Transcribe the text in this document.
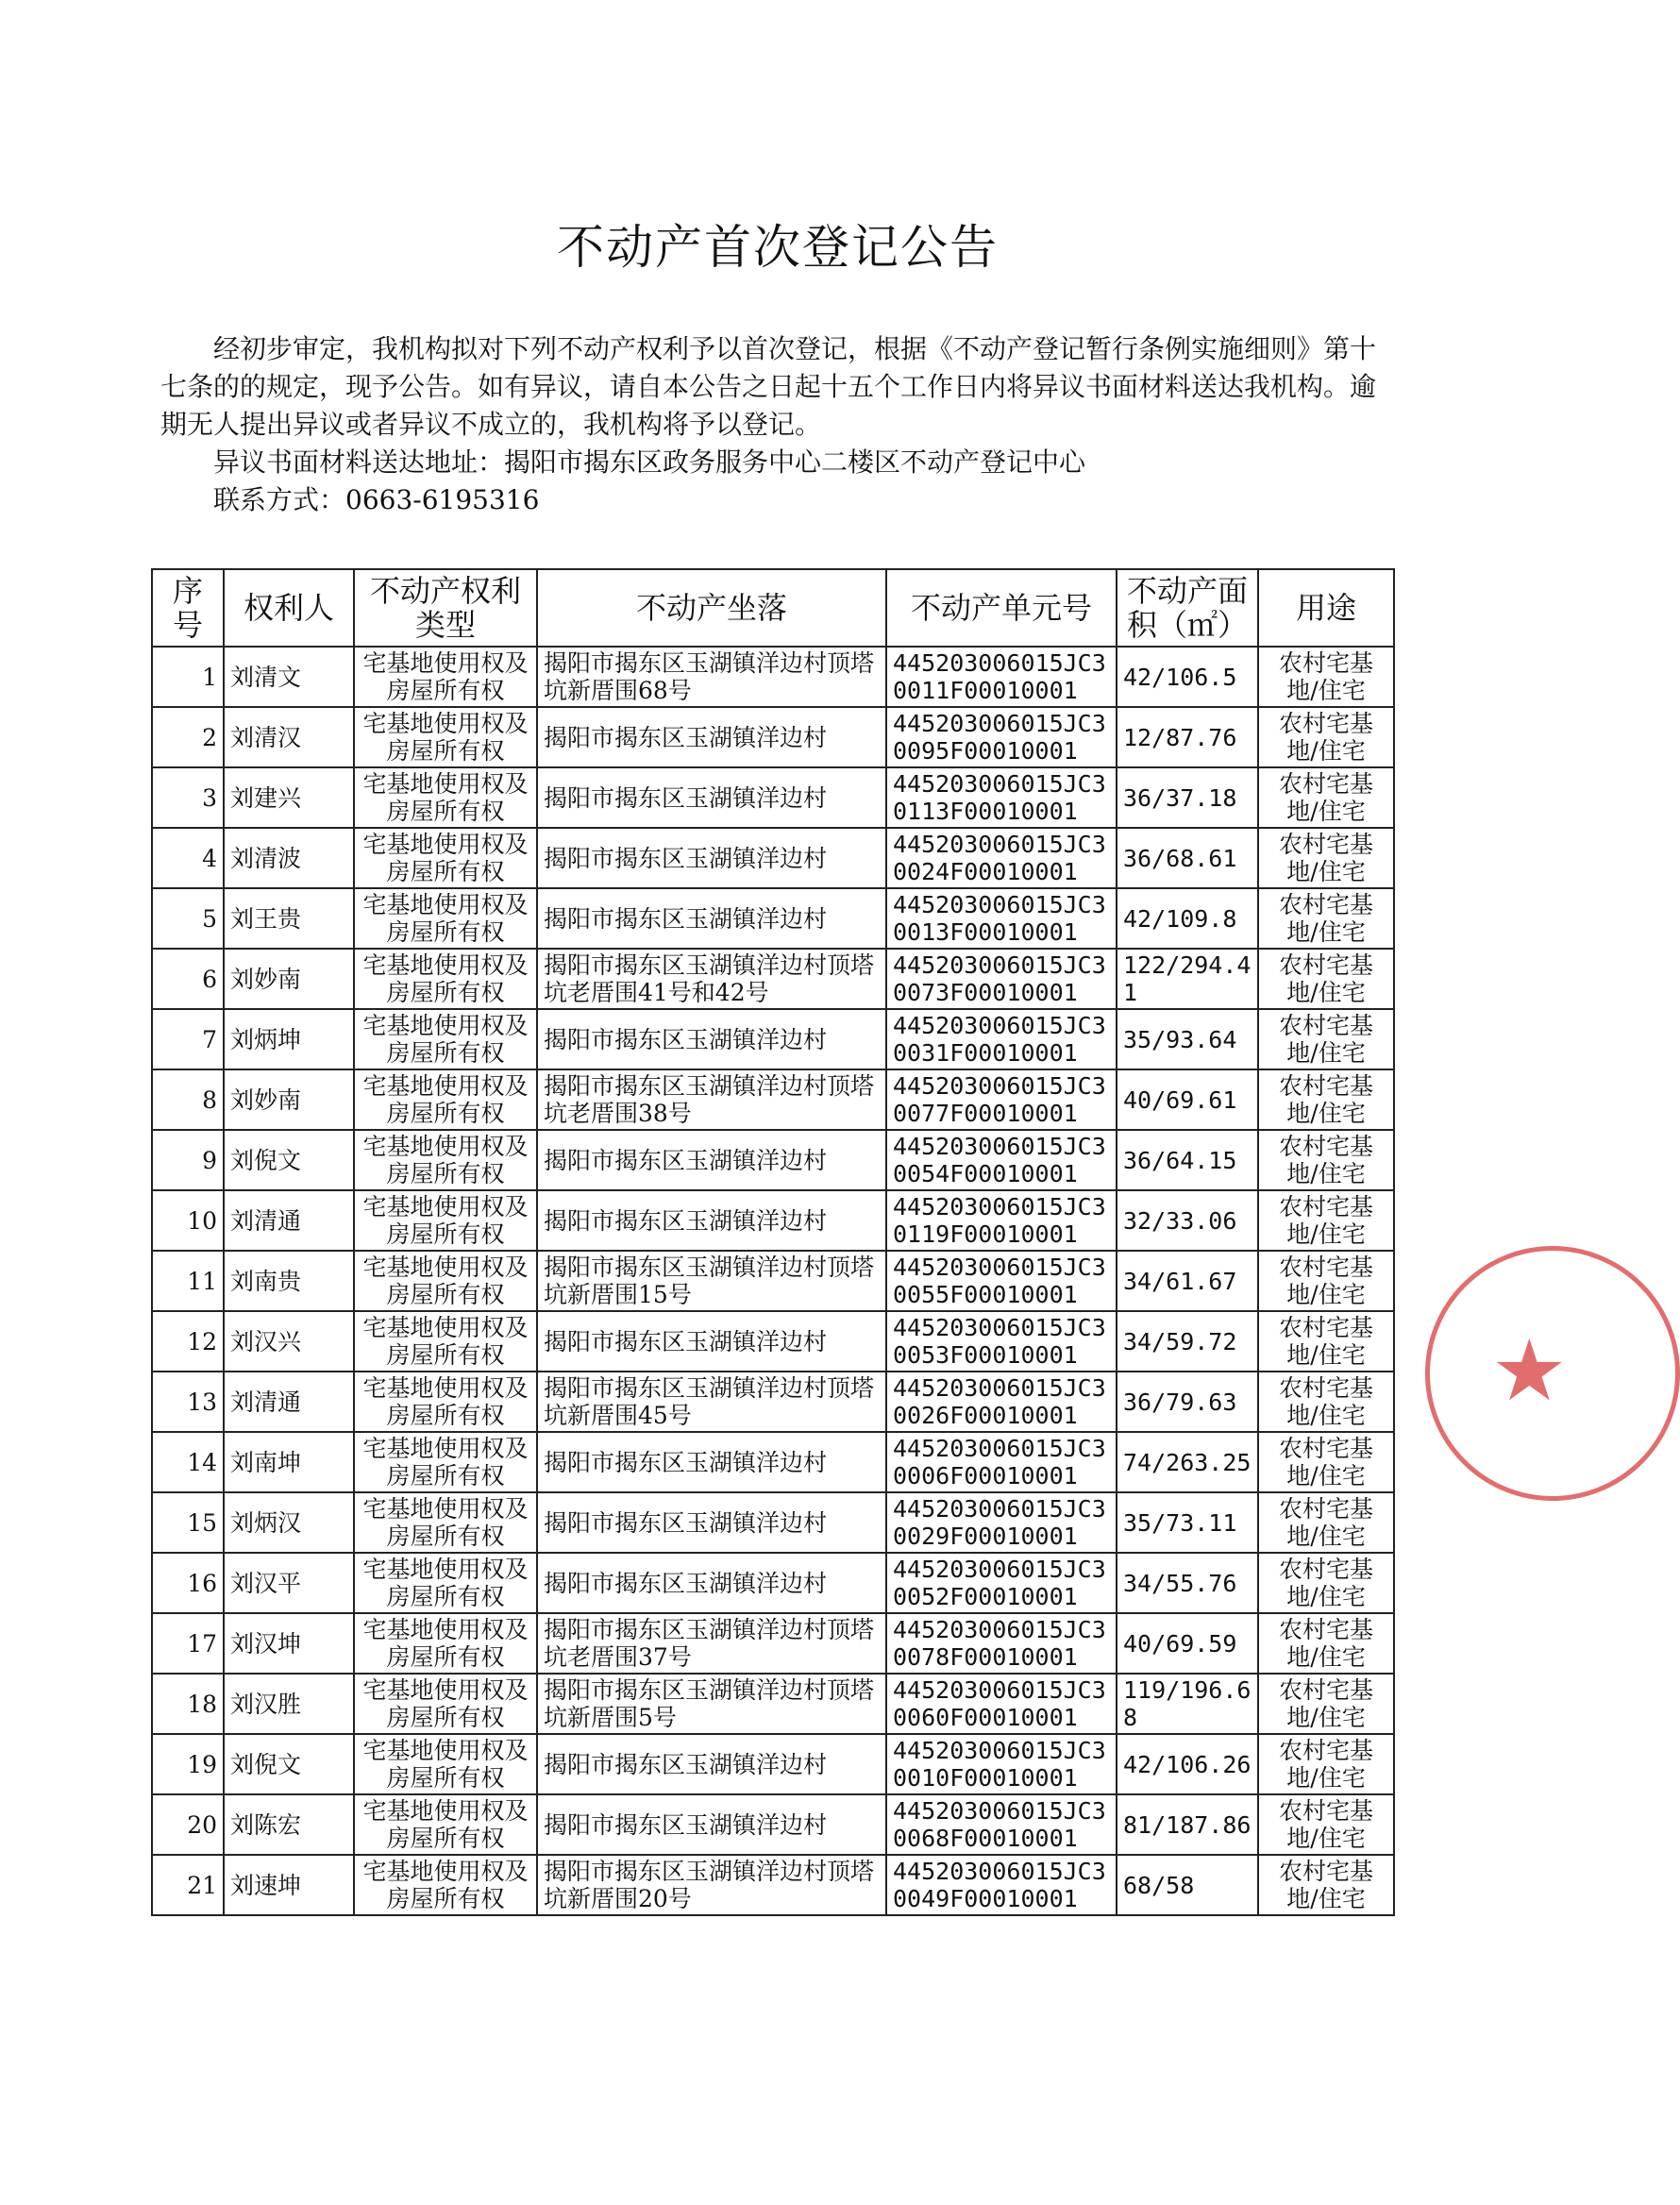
不动产首次登记公告

经初步审定，我机构拟对下列不动产权利予以首次登记，根据《不动产登记暂行条例实施细则》第十七条的的规定，现予公告。如有异议，请自本公告之日起十五个工作日内将异议书面材料送达我机构。逾期无人提出异议或者异议不成立的，我机构将予以登记。

异议书面材料送达地址：揭阳市揭东区政务服务中心二楼区不动产登记中心

联系方式：0663-6195316

序号	权利人	不动产权利类型	不动产坐落	不动产单元号	不动产面积（㎡）	用途
1	刘清文	宅基地使用权及房屋所有权	揭阳市揭东区玉湖镇洋边村顶塔坑新厝围68号	445203006015JC30011F00010001	42/106.5	农村宅基地/住宅
2	刘清汉	宅基地使用权及房屋所有权	揭阳市揭东区玉湖镇洋边村	445203006015JC30095F00010001	12/87.76	农村宅基地/住宅
3	刘建兴	宅基地使用权及房屋所有权	揭阳市揭东区玉湖镇洋边村	445203006015JC30113F00010001	36/37.18	农村宅基地/住宅
4	刘清波	宅基地使用权及房屋所有权	揭阳市揭东区玉湖镇洋边村	445203006015JC30024F00010001	36/68.61	农村宅基地/住宅
5	刘王贵	宅基地使用权及房屋所有权	揭阳市揭东区玉湖镇洋边村	445203006015JC30013F00010001	42/109.8	农村宅基地/住宅
6	刘妙南	宅基地使用权及房屋所有权	揭阳市揭东区玉湖镇洋边村顶塔坑老厝围41号和42号	445203006015JC30073F00010001	122/294.41	农村宅基地/住宅
7	刘炳坤	宅基地使用权及房屋所有权	揭阳市揭东区玉湖镇洋边村	445203006015JC30031F00010001	35/93.64	农村宅基地/住宅
8	刘妙南	宅基地使用权及房屋所有权	揭阳市揭东区玉湖镇洋边村顶塔坑老厝围38号	445203006015JC30077F00010001	40/69.61	农村宅基地/住宅
9	刘倪文	宅基地使用权及房屋所有权	揭阳市揭东区玉湖镇洋边村	445203006015JC30054F00010001	36/64.15	农村宅基地/住宅
10	刘清通	宅基地使用权及房屋所有权	揭阳市揭东区玉湖镇洋边村	445203006015JC30119F00010001	32/33.06	农村宅基地/住宅
11	刘南贵	宅基地使用权及房屋所有权	揭阳市揭东区玉湖镇洋边村顶塔坑新厝围15号	445203006015JC30055F00010001	34/61.67	农村宅基地/住宅
12	刘汉兴	宅基地使用权及房屋所有权	揭阳市揭东区玉湖镇洋边村	445203006015JC30053F00010001	34/59.72	农村宅基地/住宅
13	刘清通	宅基地使用权及房屋所有权	揭阳市揭东区玉湖镇洋边村顶塔坑新厝围45号	445203006015JC30026F00010001	36/79.63	农村宅基地/住宅
14	刘南坤	宅基地使用权及房屋所有权	揭阳市揭东区玉湖镇洋边村	445203006015JC30006F00010001	74/263.25	农村宅基地/住宅
15	刘炳汉	宅基地使用权及房屋所有权	揭阳市揭东区玉湖镇洋边村	445203006015JC30029F00010001	35/73.11	农村宅基地/住宅
16	刘汉平	宅基地使用权及房屋所有权	揭阳市揭东区玉湖镇洋边村	445203006015JC30052F00010001	34/55.76	农村宅基地/住宅
17	刘汉坤	宅基地使用权及房屋所有权	揭阳市揭东区玉湖镇洋边村顶塔坑老厝围37号	445203006015JC30078F00010001	40/69.59	农村宅基地/住宅
18	刘汉胜	宅基地使用权及房屋所有权	揭阳市揭东区玉湖镇洋边村顶塔坑新厝围5号	445203006015JC30060F00010001	119/196.68	农村宅基地/住宅
19	刘倪文	宅基地使用权及房屋所有权	揭阳市揭东区玉湖镇洋边村	445203006015JC30010F00010001	42/106.26	农村宅基地/住宅
20	刘陈宏	宅基地使用权及房屋所有权	揭阳市揭东区玉湖镇洋边村	445203006015JC30068F00010001	81/187.86	农村宅基地/住宅
21	刘速坤	宅基地使用权及房屋所有权	揭阳市揭东区玉湖镇洋边村顶塔坑新厝围20号	445203006015JC30049F00010001	68/58	农村宅基地/住宅
★
